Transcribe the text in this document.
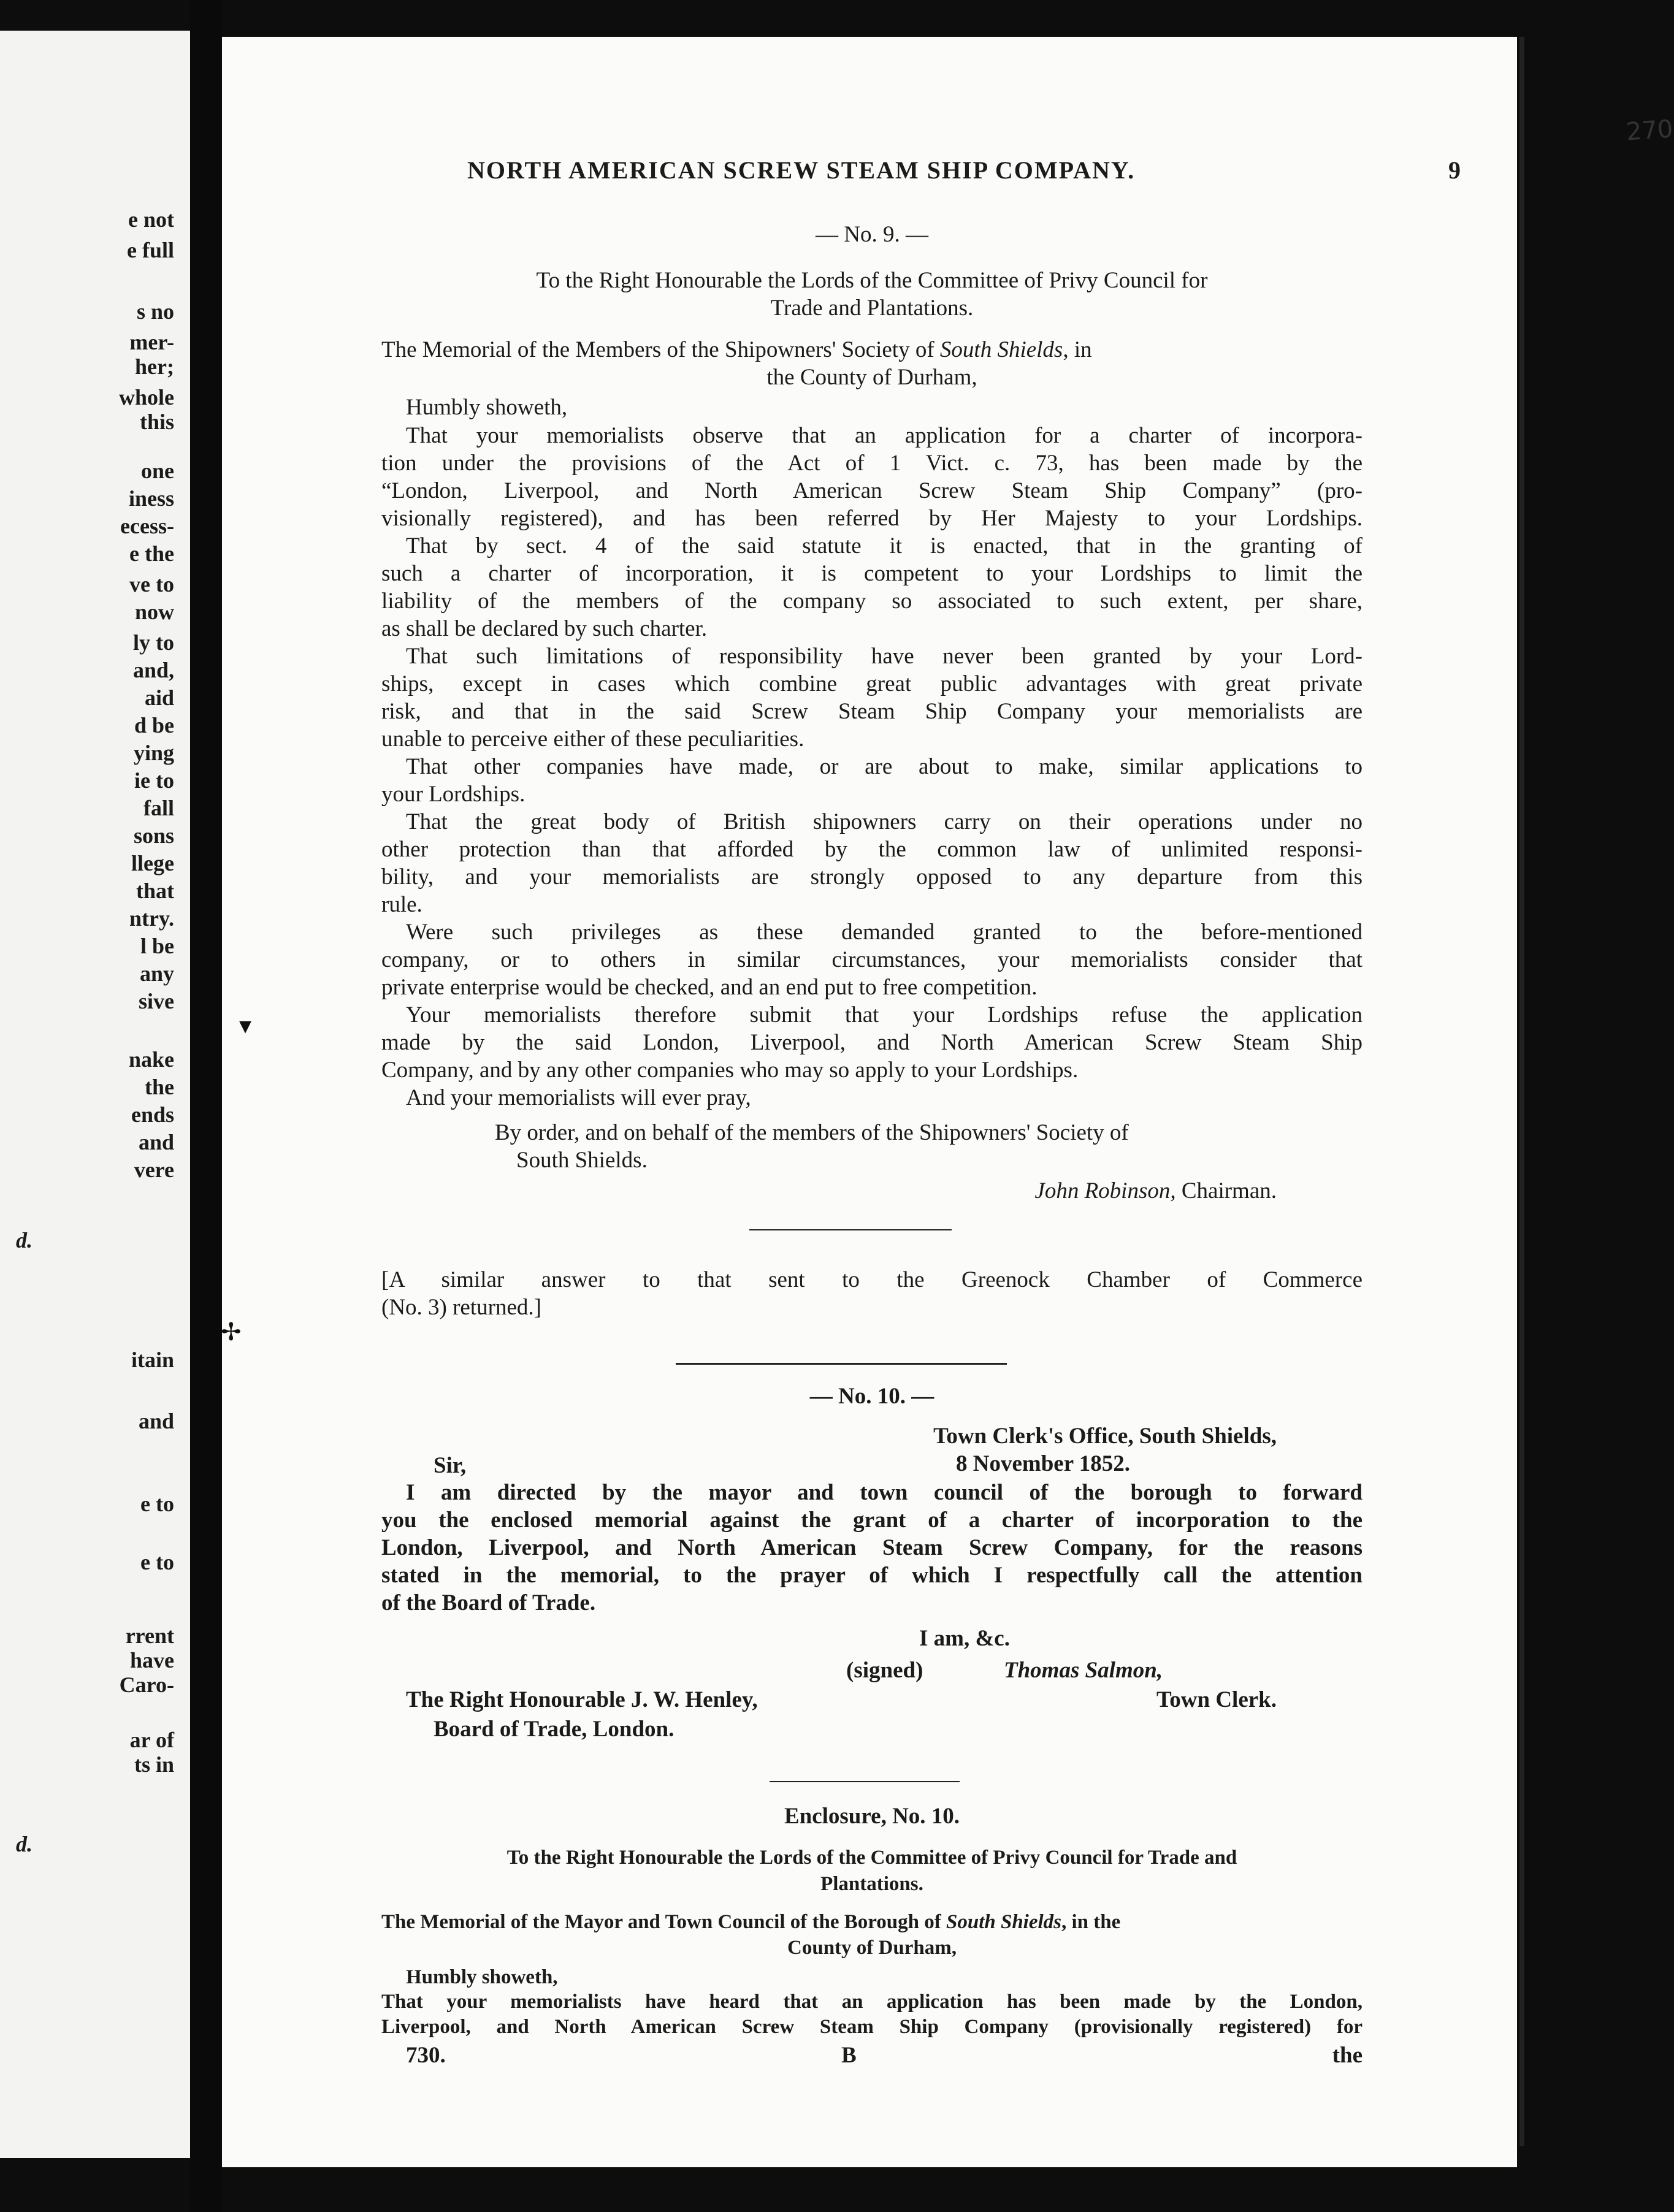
e not
e full
s no
mer-
her;
whole
this
one
iness
ecess-
e the
ve to
now
ly to
and,
aid
d be
ying
ie to
fall
sons
llege
that
ntry.
l be
any
sive
nake
the
ends
and
vere
d.
itain
and
e to
e to
rrent
have
Caro-
ar of
ts in
d.
270
▾
✢
NORTH AMERICAN SCREW STEAM SHIP COMPANY.	9
— No. 9. —
To the Right Honourable the Lords of the Committee of Privy Council for
Trade and Plantations.
The Memorial of the Members of the Shipowners' Society of South Shields, in
the County of Durham,
Humbly showeth,
That your memorialists observe that an application for a charter of incorpora-
tion under the provisions of the Act of 1 Vict. c. 73, has been made by the
“London, Liverpool, and North American Screw Steam Ship Company” (pro-
visionally registered), and has been referred by Her Majesty to your Lordships.
That by sect. 4 of the said statute it is enacted, that in the granting of
such a charter of incorporation, it is competent to your Lordships to limit the
liability of the members of the company so associated to such extent, per share,
as shall be declared by such charter.
That such limitations of responsibility have never been granted by your Lord-
ships, except in cases which combine great public advantages with great private
risk, and that in the said Screw Steam Ship Company your memorialists are
unable to perceive either of these peculiarities.
That other companies have made, or are about to make, similar applications to
your Lordships.
That the great body of British shipowners carry on their operations under no
other protection than that afforded by the common law of unlimited responsi-
bility, and your memorialists are strongly opposed to any departure from this
rule.
Were such privileges as these demanded granted to the before-mentioned
company, or to others in similar circumstances, your memorialists consider that
private enterprise would be checked, and an end put to free competition.
Your memorialists therefore submit that your Lordships refuse the application
made by the said London, Liverpool, and North American Screw Steam Ship
Company, and by any other companies who may so apply to your Lordships.
And your memorialists will ever pray,
By order, and on behalf of the members of the Shipowners' Society of
South Shields.
John Robinson, Chairman.
[A similar answer to that sent to the Greenock Chamber of Commerce
(No. 3) returned.]
— No. 10. —
Town Clerk's Office, South Shields,
Sir,	8 November 1852.
I am directed by the mayor and town council of the borough to forward
you the enclosed memorial against the grant of a charter of incorporation to the
London, Liverpool, and North American Steam Screw Company, for the reasons
stated in the memorial, to the prayer of which I respectfully call the attention
of the Board of Trade.
I am, &c.
(signed)	Thomas Salmon,
The Right Honourable J. W. Henley,	Town Clerk.
Board of Trade, London.
Enclosure, No. 10.
To the Right Honourable the Lords of the Committee of Privy Council for Trade and
Plantations.
The Memorial of the Mayor and Town Council of the Borough of South Shields, in the
County of Durham,
Humbly showeth,
That your memorialists have heard that an application has been made by the London,
Liverpool, and North American Screw Steam Ship Company (provisionally registered) for
730.	B	the
